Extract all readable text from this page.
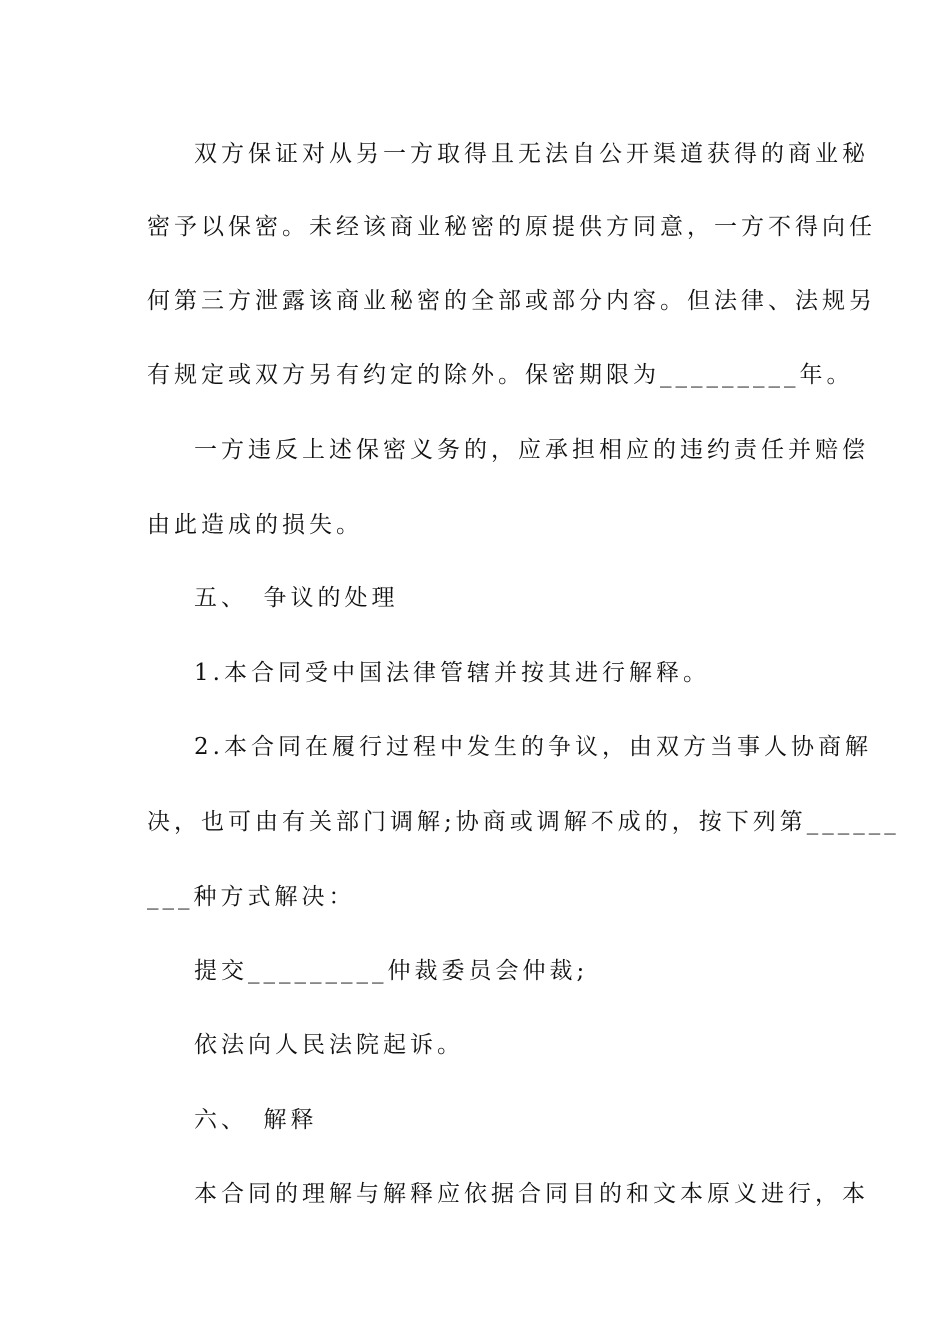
双方保证对从另一方取得且无法自公开渠道获得的商业秘
密予以保密。未经该商业秘密的原提供方同意，一方不得向任
何第三方泄露该商业秘密的全部或部分内容。但法律、法规另
有规定或双方另有约定的除外。保密期限为_________年。
一方违反上述保密义务的，应承担相应的违约责任并赔偿
由此造成的损失。
五、　争议的处理
1.本合同受中国法律管辖并按其进行解释。
2.本合同在履行过程中发生的争议，由双方当事人协商解
决，也可由有关部门调解;协商或调解不成的，按下列第______
___种方式解决：
提交_________仲裁委员会仲裁;
依法向人民法院起诉。
六、　解释
本合同的理解与解释应依据合同目的和文本原义进行，本
